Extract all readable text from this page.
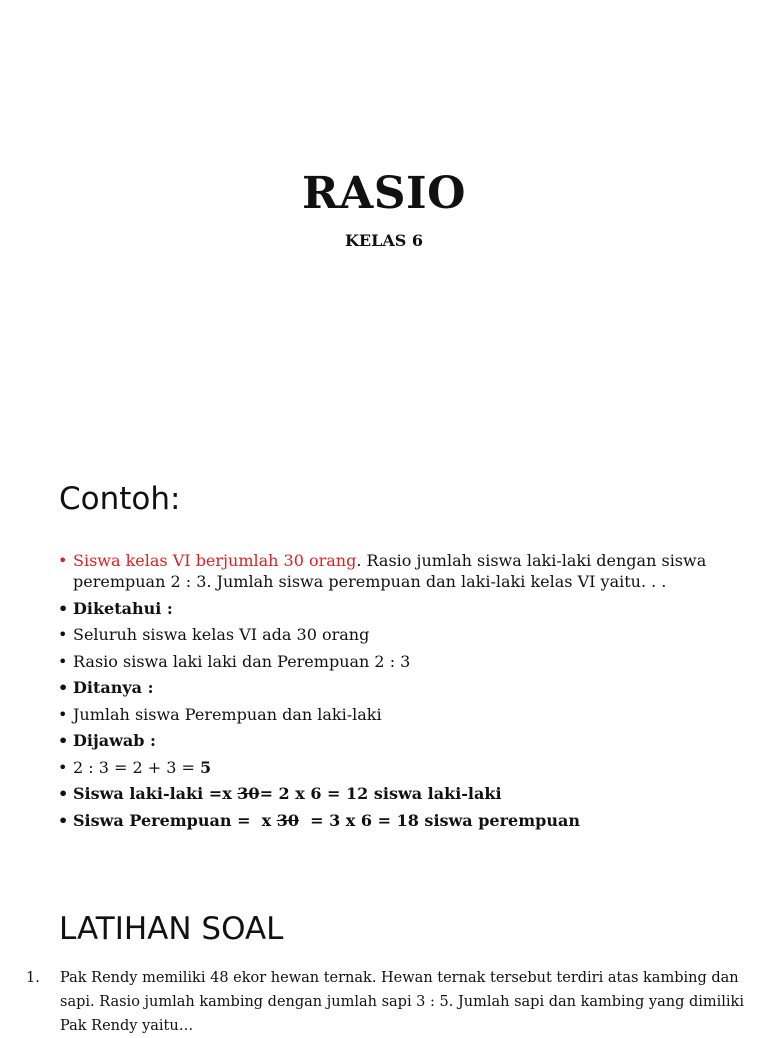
RASIO
KELAS 6
Contoh:
• Siswa kelas VI berjumlah 30 orang. Rasio jumlah siswa laki-laki dengan siswa perempuan 2 : 3. Jumlah siswa perempuan dan laki-laki kelas VI yaitu. . .
• Diketahui :
• Seluruh siswa kelas VI ada 30 orang
• Rasio siswa laki laki dan Perempuan 2 : 3
• Ditanya :
• Jumlah siswa Perempuan dan laki-laki
• Dijawab :
• 2 : 3 = 2 + 3 = 5
• Siswa laki-laki =x 30= 2 x 6 = 12 siswa laki-laki
• Siswa Perempuan =  x 30  = 3 x 6 = 18 siswa perempuan
LATIHAN SOAL
1. Pak Rendy memiliki 48 ekor hewan ternak. Hewan ternak tersebut terdiri atas kambing dan sapi. Rasio jumlah kambing dengan jumlah sapi 3 : 5. Jumlah sapi dan kambing yang dimiliki Pak Rendy yaitu…
